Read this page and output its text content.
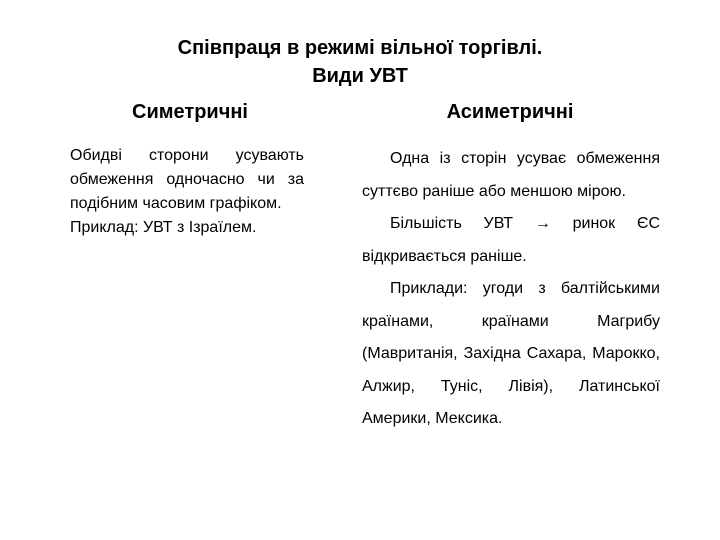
Співпраця в режимі вільної торгівлі.
Види УВТ
Симетричні	Асиметричні
Обидві сторони усувають обмеження одночасно чи за подібним часовим графіком.
Приклад: УВТ з Ізраїлем.
Одна із сторін усуває обмеження суттєво раніше або меншою мірою.
Більшість УВТ → ринок ЄС відкривається раніше.
Приклади: угоди з балтійськими країнами, країнами Магрибу (Мавританія, Західна Сахара, Марокко, Алжир, Туніс, Лівія), Латинської Америки, Мексика.
